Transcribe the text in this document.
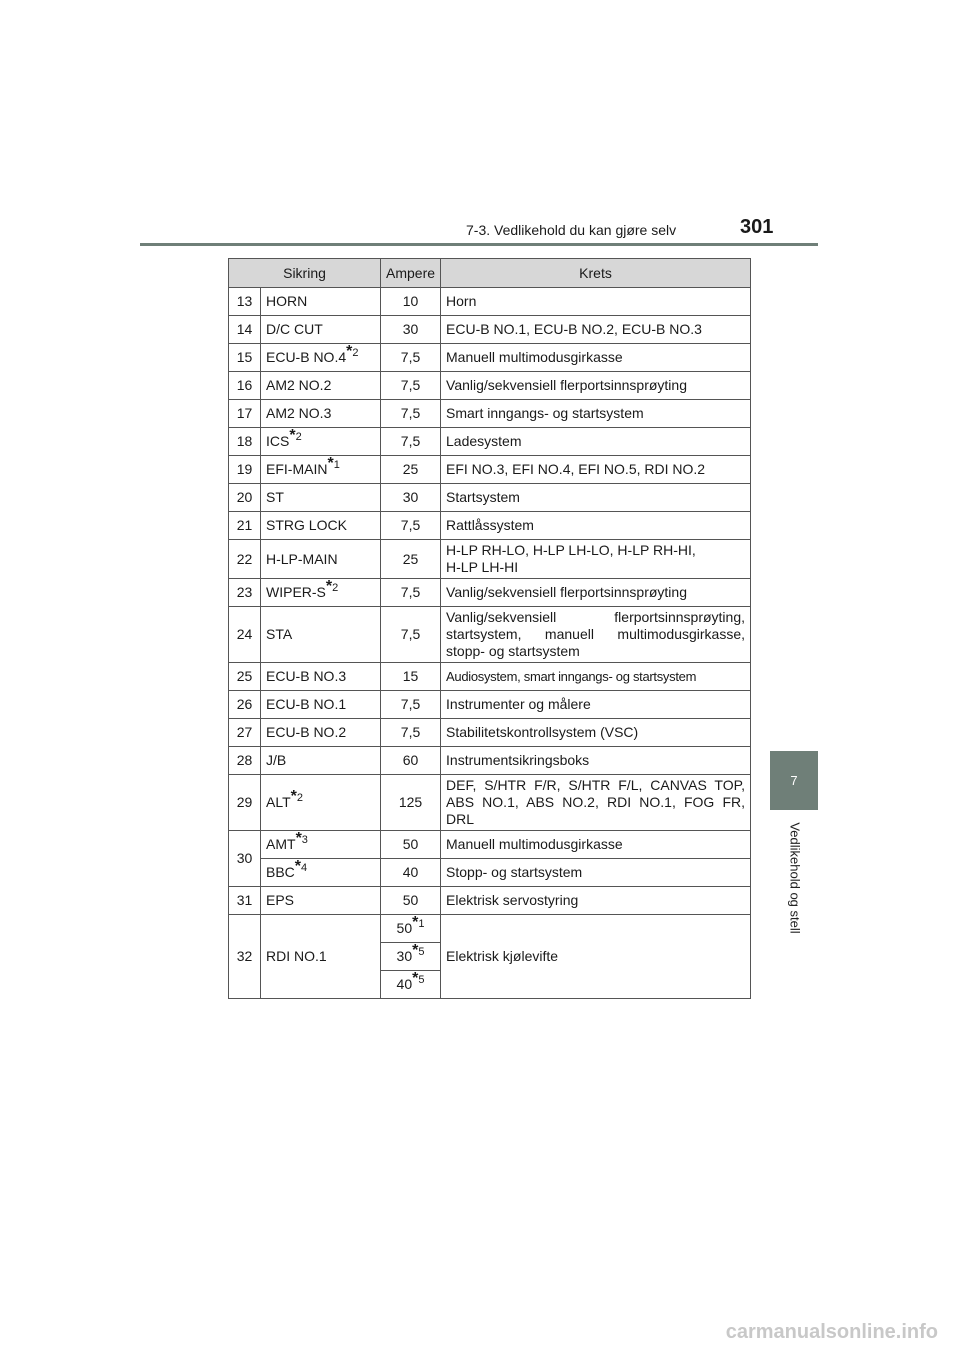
7-3. Vedlikehold du kan gjøre selv	301
7
Vedlikehold og stell
Sikring		Ampere	Krets
13	HORN	10	Horn
14	D/C CUT	30	ECU-B NO.1, ECU-B NO.2, ECU-B NO.3
15	ECU-B NO.4$^{*2}$	7,5	Manuell multimodusgirkasse
16	AM2 NO.2	7,5	Vanlig/sekvensiell flerportsinnsprøyting
17	AM2 NO.3	7,5	Smart inngangs- og startsystem
18	ICS$^{*2}$	7,5	Ladesystem
19	EFI-MAIN$^{*1}$	25	EFI NO.3, EFI NO.4, EFI NO.5, RDI NO.2
20	ST	30	Startsystem
21	STRG LOCK	7,5	Rattlåssystem
22	H-LP-MAIN	25	H-LP RH-LO, H-LP LH-LO, H-LP RH-HI,
H-LP LH-HI

23	WIPER-$S^{*2}$	7,5	Vanlig/sekvensiell flerportsinnsprøyting
24	STA	7,5	Vanlig/sekvensiell flerportsinnsprøyting, startsystem, manuell multimodusgirkasse, stopp- og startsystem
25	ECU-B NO.3	15	Audiosystem, smart inngangs- og startsystem
26	ECU-B NO.1	7,5	Instrumenter og målere
27	ECU-B NO.2	7,5	Stabilitetskontrollsystem (VSC)
28	J/B	60	Instrumentsikringsboks
29	ALT$^{*2}$	125	DEF, S/HTR F/R, S/HTR F/L, CANVAS TOP, ABS NO.1, ABS NO.2, RDI NO.1, FOG FR, DRL
30	AMT$^{*3}$	50	Manuell multimodusgirkasse
	BBC$^{*4}$	40	Stopp- og startsystem
31	EPS	50	Elektrisk servostyring
32	RDI NO.1	50$^{*1}$	Elektrisk kjølevifte
		30$^{*5}$
		40$^{*5}$
carmanualsonline.info
